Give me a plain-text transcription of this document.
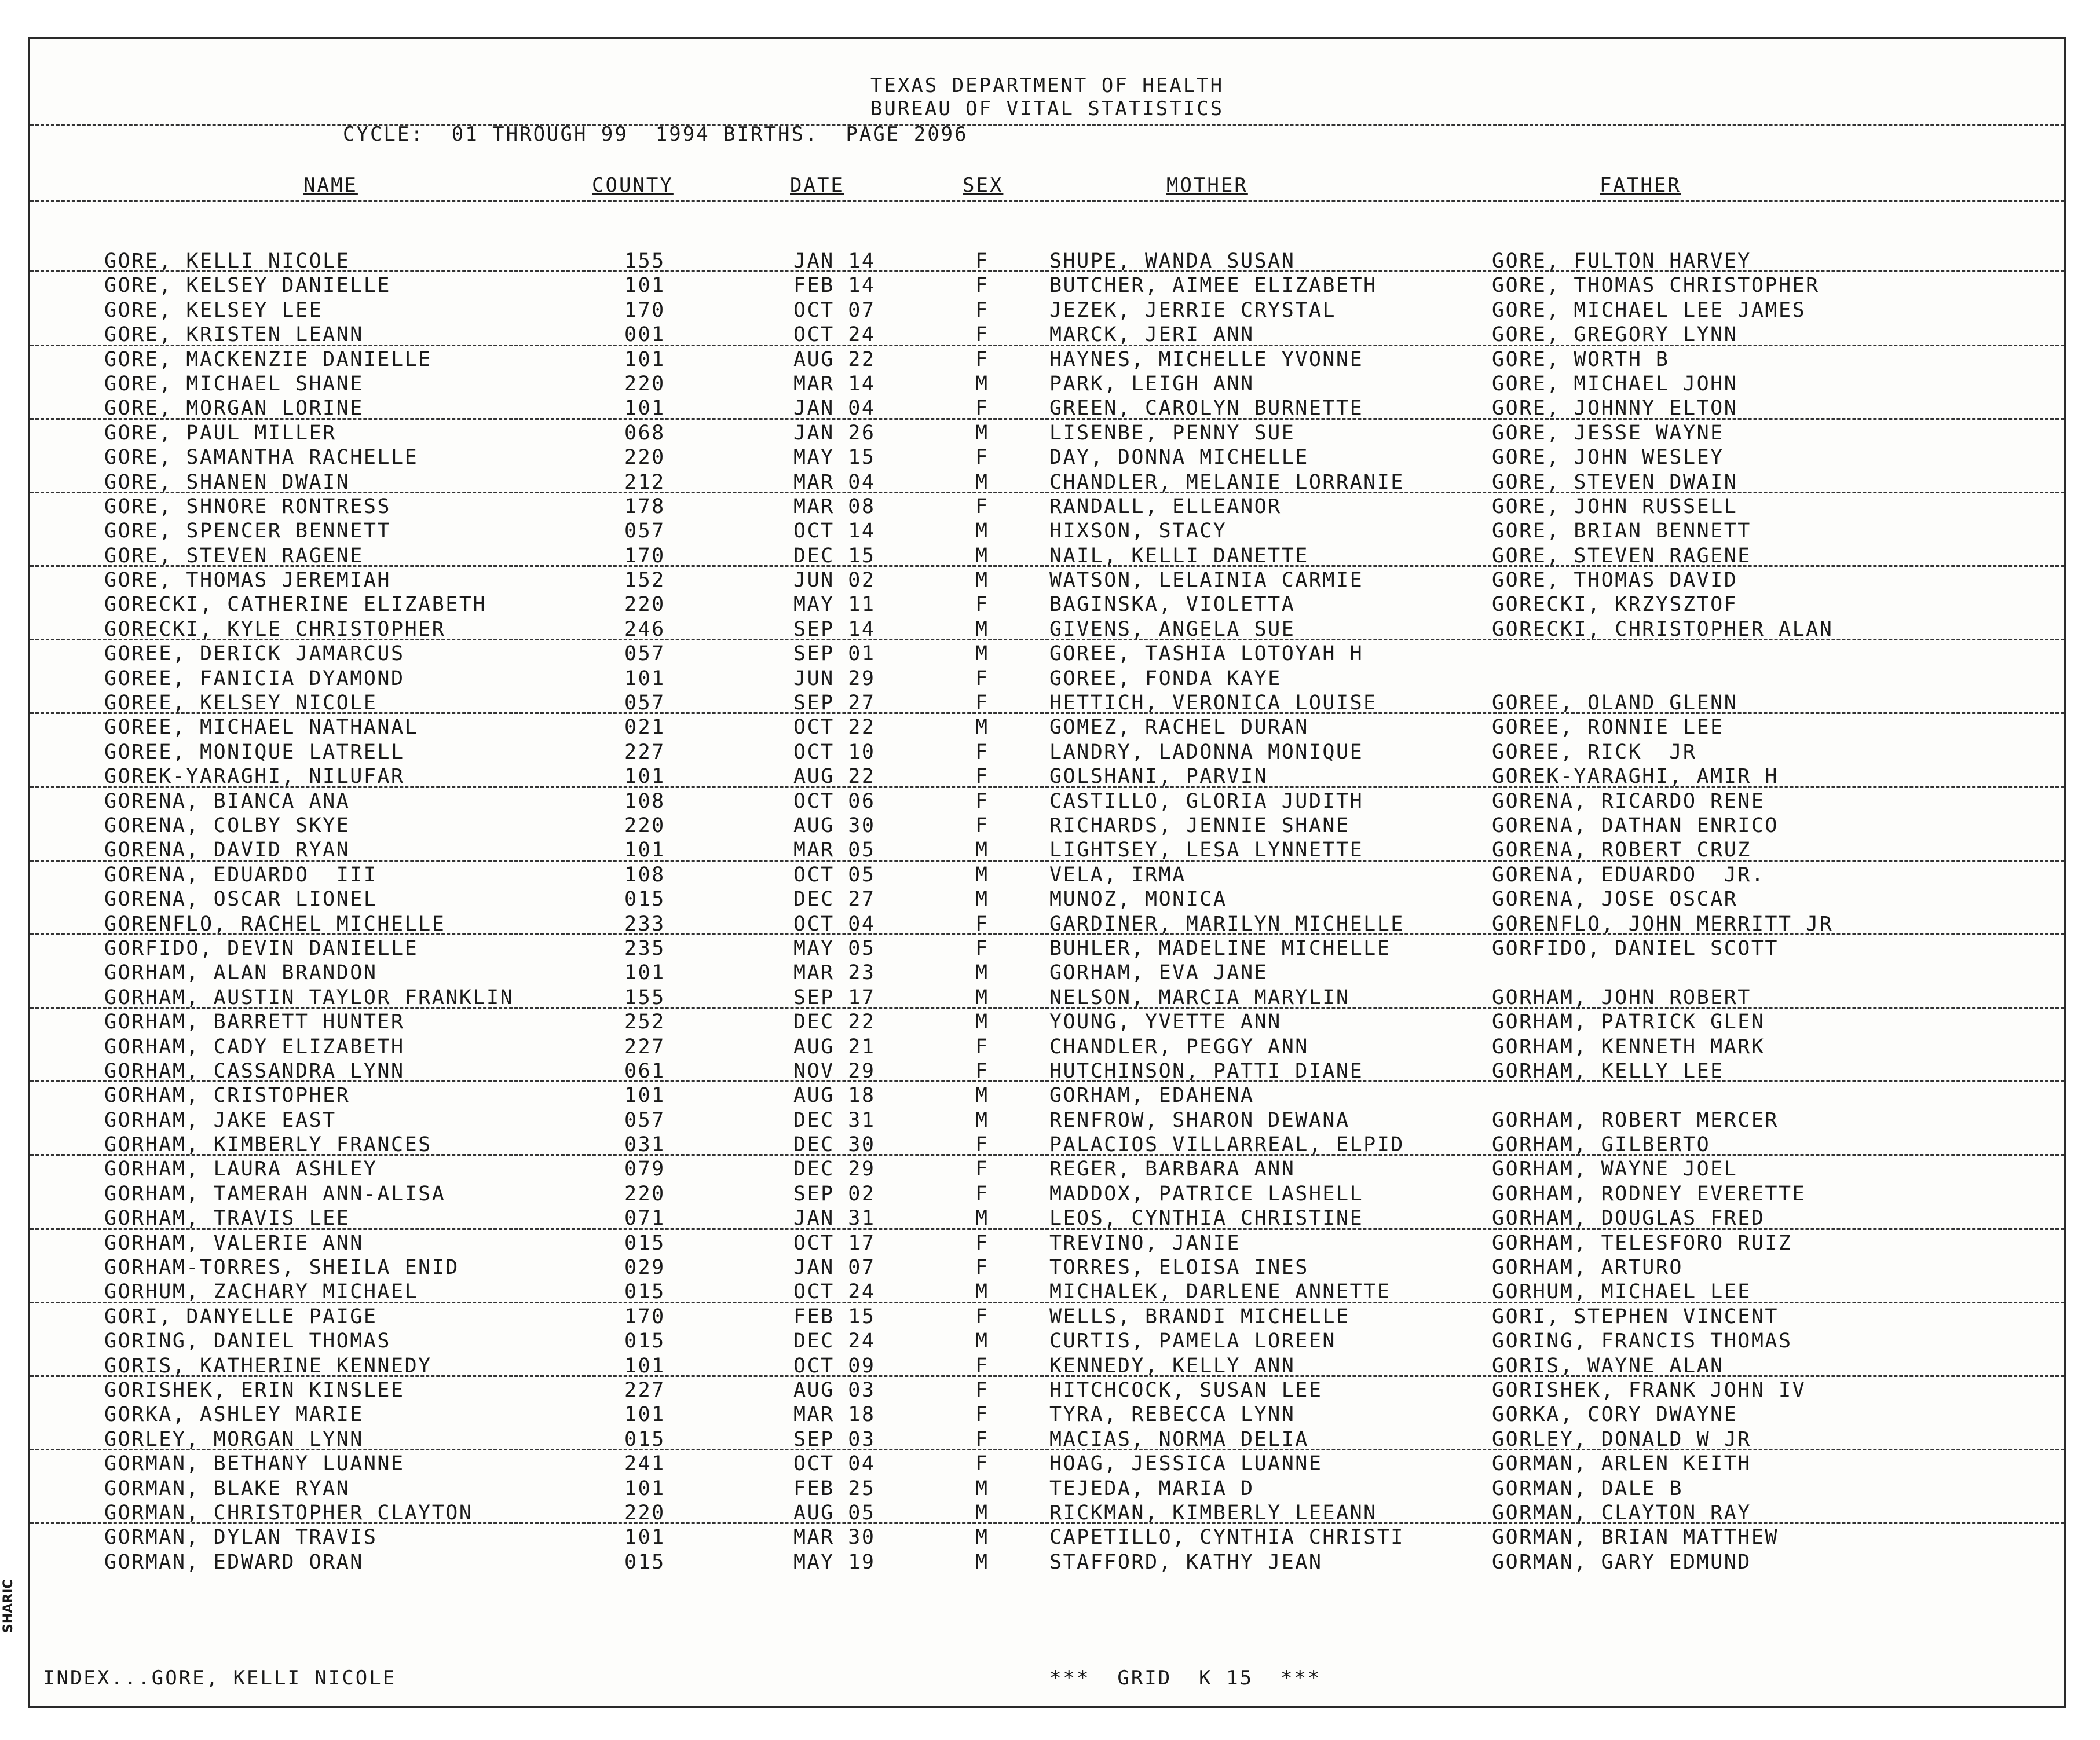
TEXAS DEPARTMENT OF HEALTH
BUREAU OF VITAL STATISTICS
CYCLE:  01 THROUGH 99  1994 BIRTHS.  PAGE 2096
NAME	COUNTY	DATE	SEX	MOTHER	FATHER
GORE, KELLI NICOLE	155	JAN 14	F	SHUPE, WANDA SUSAN	GORE, FULTON HARVEY
GORE, KELSEY DANIELLE	101	FEB 14	F	BUTCHER, AIMEE ELIZABETH	GORE, THOMAS CHRISTOPHER
GORE, KELSEY LEE	170	OCT 07	F	JEZEK, JERRIE CRYSTAL	GORE, MICHAEL LEE JAMES
GORE, KRISTEN LEANN	001	OCT 24	F	MARCK, JERI ANN	GORE, GREGORY LYNN
GORE, MACKENZIE DANIELLE	101	AUG 22	F	HAYNES, MICHELLE YVONNE	GORE, WORTH B
GORE, MICHAEL SHANE	220	MAR 14	M	PARK, LEIGH ANN	GORE, MICHAEL JOHN
GORE, MORGAN LORINE	101	JAN 04	F	GREEN, CAROLYN BURNETTE	GORE, JOHNNY ELTON
GORE, PAUL MILLER	068	JAN 26	M	LISENBE, PENNY SUE	GORE, JESSE WAYNE
GORE, SAMANTHA RACHELLE	220	MAY 15	F	DAY, DONNA MICHELLE	GORE, JOHN WESLEY
GORE, SHANEN DWAIN	212	MAR 04	M	CHANDLER, MELANIE LORRANIE	GORE, STEVEN DWAIN
GORE, SHNORE RONTRESS	178	MAR 08	F	RANDALL, ELLEANOR	GORE, JOHN RUSSELL
GORE, SPENCER BENNETT	057	OCT 14	M	HIXSON, STACY	GORE, BRIAN BENNETT
GORE, STEVEN RAGENE	170	DEC 15	M	NAIL, KELLI DANETTE	GORE, STEVEN RAGENE
GORE, THOMAS JEREMIAH	152	JUN 02	M	WATSON, LELAINIA CARMIE	GORE, THOMAS DAVID
GORECKI, CATHERINE ELIZABETH	220	MAY 11	F	BAGINSKA, VIOLETTA	GORECKI, KRZYSZTOF
GORECKI, KYLE CHRISTOPHER	246	SEP 14	M	GIVENS, ANGELA SUE	GORECKI, CHRISTOPHER ALAN
GOREE, DERICK JAMARCUS	057	SEP 01	M	GOREE, TASHIA LOTOYAH H
GOREE, FANICIA DYAMOND	101	JUN 29	F	GOREE, FONDA KAYE
GOREE, KELSEY NICOLE	057	SEP 27	F	HETTICH, VERONICA LOUISE	GOREE, OLAND GLENN
GOREE, MICHAEL NATHANAL	021	OCT 22	M	GOMEZ, RACHEL DURAN	GOREE, RONNIE LEE
GOREE, MONIQUE LATRELL	227	OCT 10	F	LANDRY, LADONNA MONIQUE	GOREE, RICK  JR
GOREK-YARAGHI, NILUFAR	101	AUG 22	F	GOLSHANI, PARVIN	GOREK-YARAGHI, AMIR H
GORENA, BIANCA ANA	108	OCT 06	F	CASTILLO, GLORIA JUDITH	GORENA, RICARDO RENE
GORENA, COLBY SKYE	220	AUG 30	F	RICHARDS, JENNIE SHANE	GORENA, DATHAN ENRICO
GORENA, DAVID RYAN	101	MAR 05	M	LIGHTSEY, LESA LYNNETTE	GORENA, ROBERT CRUZ
GORENA, EDUARDO  III	108	OCT 05	M	VELA, IRMA	GORENA, EDUARDO  JR.
GORENA, OSCAR LIONEL	015	DEC 27	M	MUNOZ, MONICA	GORENA, JOSE OSCAR
GORENFLO, RACHEL MICHELLE	233	OCT 04	F	GARDINER, MARILYN MICHELLE	GORENFLO, JOHN MERRITT JR
GORFIDO, DEVIN DANIELLE	235	MAY 05	F	BUHLER, MADELINE MICHELLE	GORFIDO, DANIEL SCOTT
GORHAM, ALAN BRANDON	101	MAR 23	M	GORHAM, EVA JANE
GORHAM, AUSTIN TAYLOR FRANKLIN	155	SEP 17	M	NELSON, MARCIA MARYLIN	GORHAM, JOHN ROBERT
GORHAM, BARRETT HUNTER	252	DEC 22	M	YOUNG, YVETTE ANN	GORHAM, PATRICK GLEN
GORHAM, CADY ELIZABETH	227	AUG 21	F	CHANDLER, PEGGY ANN	GORHAM, KENNETH MARK
GORHAM, CASSANDRA LYNN	061	NOV 29	F	HUTCHINSON, PATTI DIANE	GORHAM, KELLY LEE
GORHAM, CRISTOPHER	101	AUG 18	M	GORHAM, EDAHENA
GORHAM, JAKE EAST	057	DEC 31	M	RENFROW, SHARON DEWANA	GORHAM, ROBERT MERCER
GORHAM, KIMBERLY FRANCES	031	DEC 30	F	PALACIOS VILLARREAL, ELPID	GORHAM, GILBERTO
GORHAM, LAURA ASHLEY	079	DEC 29	F	REGER, BARBARA ANN	GORHAM, WAYNE JOEL
GORHAM, TAMERAH ANN-ALISA	220	SEP 02	F	MADDOX, PATRICE LASHELL	GORHAM, RODNEY EVERETTE
GORHAM, TRAVIS LEE	071	JAN 31	M	LEOS, CYNTHIA CHRISTINE	GORHAM, DOUGLAS FRED
GORHAM, VALERIE ANN	015	OCT 17	F	TREVINO, JANIE	GORHAM, TELESFORO RUIZ
GORHAM-TORRES, SHEILA ENID	029	JAN 07	F	TORRES, ELOISA INES	GORHAM, ARTURO
GORHUM, ZACHARY MICHAEL	015	OCT 24	M	MICHALEK, DARLENE ANNETTE	GORHUM, MICHAEL LEE
GORI, DANYELLE PAIGE	170	FEB 15	F	WELLS, BRANDI MICHELLE	GORI, STEPHEN VINCENT
GORING, DANIEL THOMAS	015	DEC 24	M	CURTIS, PAMELA LOREEN	GORING, FRANCIS THOMAS
GORIS, KATHERINE KENNEDY	101	OCT 09	F	KENNEDY, KELLY ANN	GORIS, WAYNE ALAN
GORISHEK, ERIN KINSLEE	227	AUG 03	F	HITCHCOCK, SUSAN LEE	GORISHEK, FRANK JOHN IV
GORKA, ASHLEY MARIE	101	MAR 18	F	TYRA, REBECCA LYNN	GORKA, CORY DWAYNE
GORLEY, MORGAN LYNN	015	SEP 03	F	MACIAS, NORMA DELIA	GORLEY, DONALD W JR
GORMAN, BETHANY LUANNE	241	OCT 04	F	HOAG, JESSICA LUANNE	GORMAN, ARLEN KEITH
GORMAN, BLAKE RYAN	101	FEB 25	M	TEJEDA, MARIA D	GORMAN, DALE B
GORMAN, CHRISTOPHER CLAYTON	220	AUG 05	M	RICKMAN, KIMBERLY LEEANN	GORMAN, CLAYTON RAY
GORMAN, DYLAN TRAVIS	101	MAR 30	M	CAPETILLO, CYNTHIA CHRISTI	GORMAN, BRIAN MATTHEW
GORMAN, EDWARD ORAN	015	MAY 19	M	STAFFORD, KATHY JEAN	GORMAN, GARY EDMUND
INDEX...GORE, KELLI NICOLE	***  GRID  K 15  ***
SHARIC
